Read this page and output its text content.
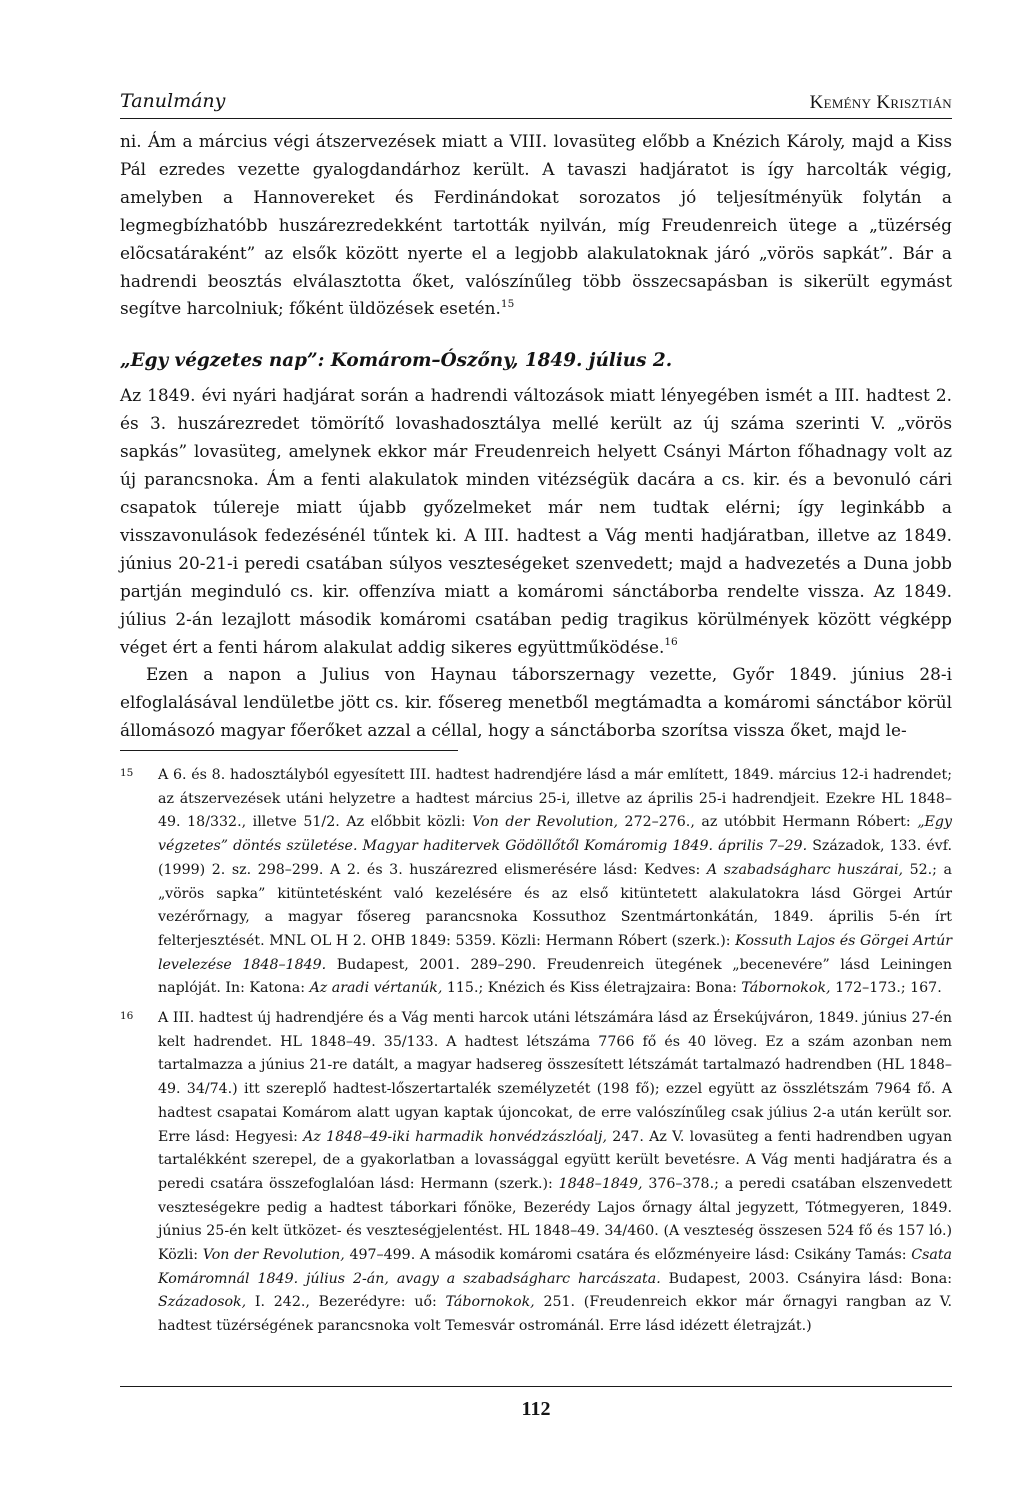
Tanulmány	Kemény Krisztián

ni. Ám a március végi átszervezések miatt a VIII. lovasüteg előbb a Knézich Károly, majd a Kiss Pál ezredes vezette gyalogdandárhoz került. A tavaszi hadjáratot is így harcolták végig, amelyben a Hannovereket és Ferdinándokat sorozatos jó teljesítményük folytán a legmegbízhatóbb huszárezredekként tartották nyilván, míg Freudenreich ütege a „tüzérség elõcsatáraként” az elsők között nyerte el a legjobb alakulatoknak járó „vörös sapkát”. Bár a hadrendi beosztás elválasztotta őket, valószínűleg több összecsapásban is sikerült egymást segítve harcolniuk; főként üldözések esetén.$^{15}$

„Egy végzetes nap”: Komárom–Ószőny, 1849. július 2.

Az 1849. évi nyári hadjárat során a hadrendi változások miatt lényegében ismét a III. hadtest 2. és 3. huszárezredet tömörítő lovashadosztálya mellé került az új száma szerinti V. „vörös sapkás” lovasüteg, amelynek ekkor már Freudenreich helyett Csányi Márton főhadnagy volt az új parancsnoka. Ám a fenti alakulatok minden vitézségük dacára a cs. kir. és a bevonuló cári csapatok túlereje miatt újabb győzelmeket már nem tudtak elérni; így leginkább a visszavonulások fedezésénél tűntek ki. A III. hadtest a Vág menti hadjáratban, illetve az 1849. június 20-21-i peredi csatában súlyos veszteségeket szenvedett; majd a hadvezetés a Duna jobb partján meginduló cs. kir. offenzíva miatt a komáromi sánctáborba rendelte vissza. Az 1849. július 2-án lezajlott második komáromi csatában pedig tragikus körülmények között végképp véget ért a fenti három alakulat addig sikeres együttműködése.$^{16}$

Ezen a napon a Julius von Haynau táborszernagy vezette, Győr 1849. június 28-i elfoglalásával lendületbe jött cs. kir. fősereg menetből megtámadta a komáromi sánctábor körül állomásozó magyar főerőket azzal a céllal, hogy a sánctáborba szorítsa vissza őket, majd le-

15 A 6. és 8. hadosztályból egyesített III. hadtest hadrendjére lásd a már említett, 1849. március 12-i hadrendet; az átszervezések utáni helyzetre a hadtest március 25-i, illetve az április 25-i hadrendjeit. Ezekre HL 1848–49. 18/332., illetve 51/2. Az előbbit közli: Von der Revolution, 272–276., az utóbbit Hermann Róbert: „Egy végzetes” döntés születése. Magyar haditervek Gödöllőtől Komáromig 1849. április 7–29. Századok, 133. évf. (1999) 2. sz. 298–299. A 2. és 3. huszárezred elismerésére lásd: Kedves: A szabadságharc huszárai, 52.; a „vörös sapka” kitüntetésként való kezelésére és az első kitüntetett alakulatokra lásd Görgei Artúr vezérőrnagy, a magyar fősereg parancsnoka Kossuthoz Szentmártonkátán, 1849. április 5-én írt felterjesztését. MNL OL H 2. OHB 1849: 5359. Közli: Hermann Róbert (szerk.): Kossuth Lajos és Görgei Artúr levelezése 1848–1849. Budapest, 2001. 289–290. Freudenreich ütegének „becenevére” lásd Leiningen naplóját. In: Katona: Az aradi vértanúk, 115.; Knézich és Kiss életrajzaira: Bona: Tábornokok, 172–173.; 167.

16 A III. hadtest új hadrendjére és a Vág menti harcok utáni létszámára lásd az Érsekújváron, 1849. június 27-én kelt hadrendet. HL 1848–49. 35/133. A hadtest létszáma 7766 fő és 40 löveg. Ez a szám azonban nem tartalmazza a június 21-re datált, a magyar hadsereg összesített létszámát tartalmazó hadrendben (HL 1848–49. 34/74.) itt szereplő hadtest-lőszertartalék személyzetét (198 fő); ezzel együtt az összlétszám 7964 fő. A hadtest csapatai Komárom alatt ugyan kaptak újoncokat, de erre valószínűleg csak július 2-a után került sor. Erre lásd: Hegyesi: Az 1848–49-iki harmadik honvédzászlóalj, 247. Az V. lovasüteg a fenti hadrendben ugyan tartalékként szerepel, de a gyakorlatban a lovassággal együtt került bevetésre. A Vág menti hadjáratra és a peredi csatára összefoglalóan lásd: Hermann (szerk.): 1848–1849, 376–378.; a peredi csatában elszenvedett veszteségekre pedig a hadtest táborkari főnöke, Bezerédy Lajos őrnagy által jegyzett, Tótmegyeren, 1849. június 25-én kelt ütközet- és veszteségjelentést. HL 1848–49. 34/460. (A veszteség összesen 524 fő és 157 ló.) Közli: Von der Revolution, 497–499. A második komáromi csatára és előzményeire lásd: Csikány Tamás: Csata Komáromnál 1849. július 2-án, avagy a szabadságharc harcászata. Budapest, 2003. Csányira lásd: Bona: Századosok, I. 242., Bezerédyre: uő: Tábornokok, 251. (Freudenreich ekkor már őrnagyi rangban az V. hadtest tüzérségének parancsnoka volt Temesvár ostrománál. Erre lásd idézett életrajzát.)

112
